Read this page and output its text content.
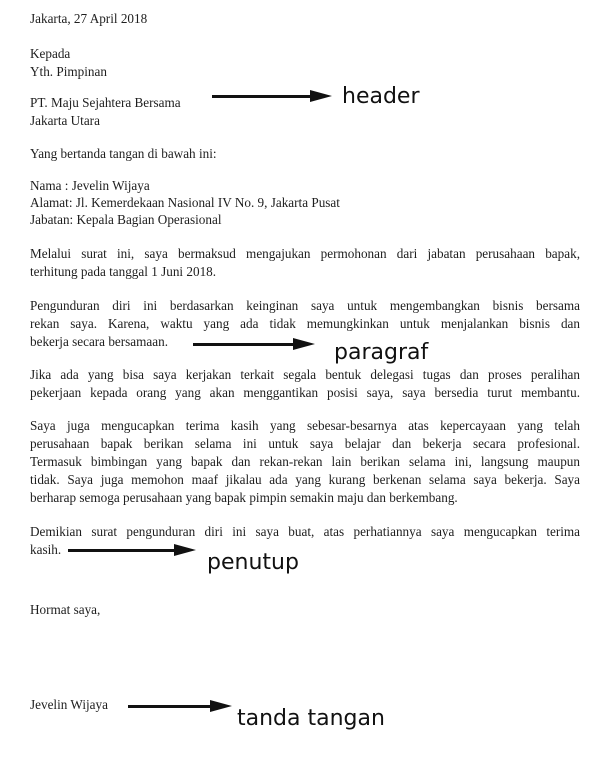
Jakarta, 27 April 2018
Kepada
Yth. Pimpinan
PT. Maju Sejahtera Bersama
Jakarta Utara
Yang bertanda tangan di bawah ini:
Nama : Jevelin Wijaya
Alamat: Jl. Kemerdekaan Nasional IV No. 9, Jakarta Pusat
Jabatan: Kepala Bagian Operasional
Melalui surat ini, saya bermaksud mengajukan permohonan dari jabatan perusahaan bapak,
terhitung pada tanggal 1 Juni 2018.
Pengunduran diri ini berdasarkan keinginan saya untuk mengembangkan bisnis bersama
rekan saya. Karena, waktu yang ada tidak memungkinkan untuk menjalankan bisnis dan
bekerja secara bersamaan.
Jika ada yang bisa saya kerjakan terkait segala bentuk delegasi tugas dan proses peralihan
pekerjaan kepada orang yang akan menggantikan posisi saya, saya bersedia turut membantu.
Saya juga mengucapkan terima kasih yang sebesar-besarnya atas kepercayaan yang telah
perusahaan bapak berikan selama ini untuk saya belajar dan bekerja secara profesional.
Termasuk bimbingan yang bapak dan rekan-rekan lain berikan selama ini, langsung maupun
tidak. Saya juga memohon maaf jikalau ada yang kurang berkenan selama saya bekerja. Saya
berharap semoga perusahaan yang bapak pimpin semakin maju dan berkembang.
Demikian surat pengunduran diri ini saya buat, atas perhatiannya saya mengucapkan terima
kasih.
Hormat saya,
Jevelin Wijaya
header
paragraf
penutup
tanda tangan
